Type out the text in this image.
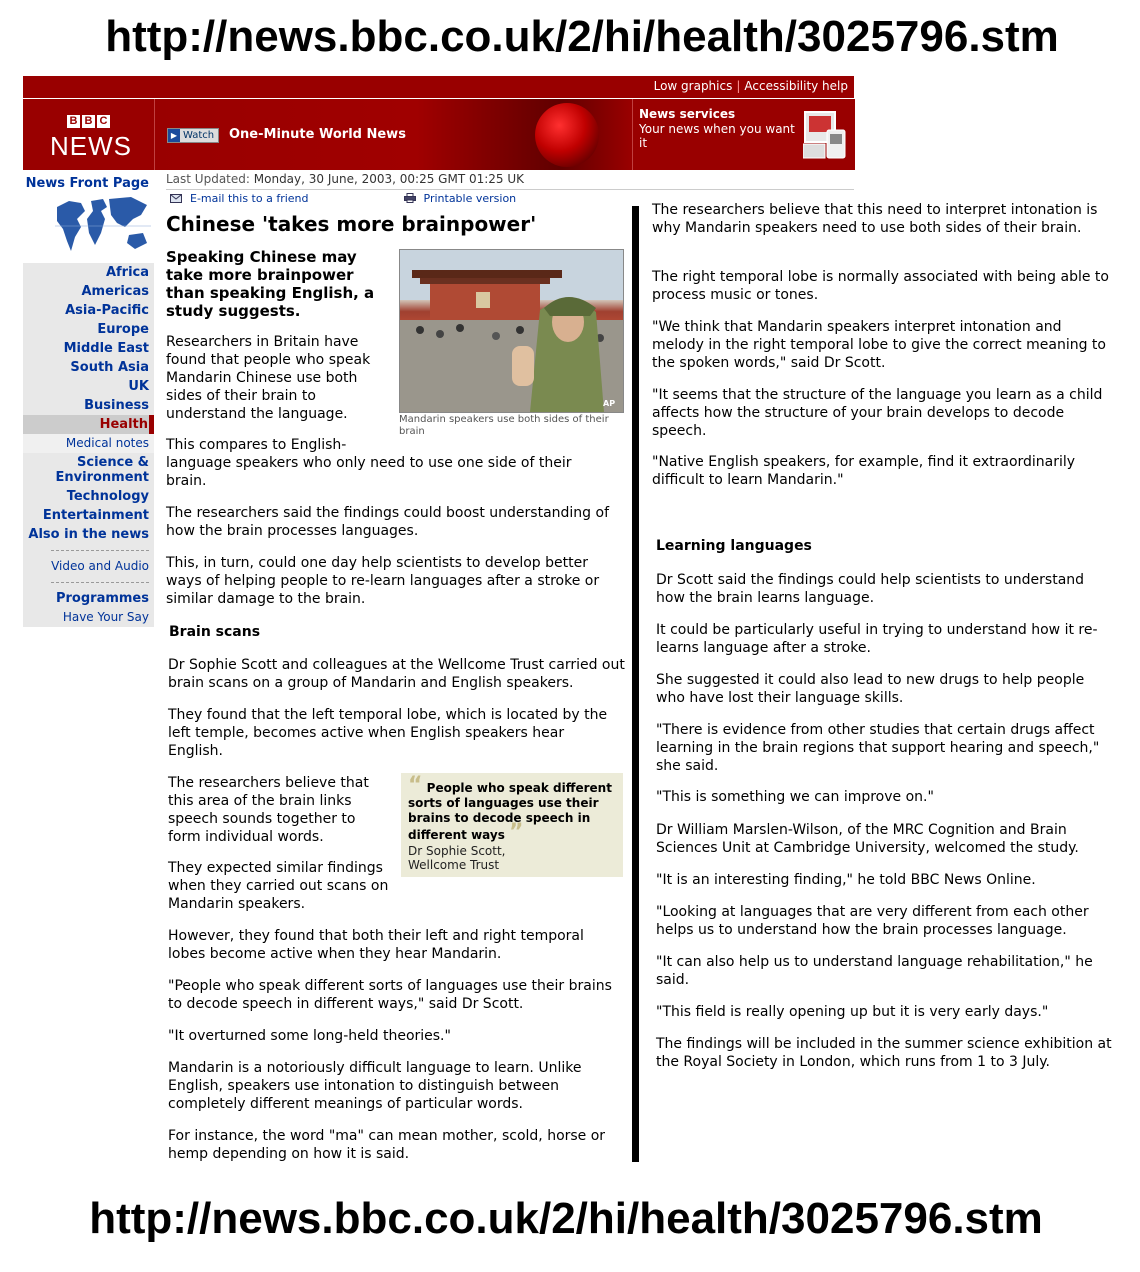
http://news.bbc.co.uk/2/hi/health/3025796.stm
Low graphics | Accessibility help
B B C
NEWS	▶ Watch One-Minute World News
News services
Your news when you want it
News Front Page
Africa
Americas
Asia-Pacific
Europe
Middle East
South Asia
UK
Business
Health
Medical notes
Science & Environment
Technology
Entertainment
Also in the news
Video and Audio
Programmes
Have Your Say
Last Updated: Monday, 30 June, 2003, 00:25 GMT 01:25 UK
E-mail this to a friend	Printable version
Chinese 'takes more brainpower'
Speaking Chinese may take more brainpower than speaking English, a study suggests.
AP
Mandarin speakers use both sides of their brain
Researchers in Britain have found that people who speak Mandarin Chinese use both sides of their brain to understand the language.
This compares to English-
language speakers who only need to use one side of their brain.
The researchers said the findings could boost understanding of how the brain processes languages.
This, in turn, could one day help scientists to develop better ways of helping people to re-learn languages after a stroke or similar damage to the brain.
Brain scans
Dr Sophie Scott and colleagues at the Wellcome Trust carried out brain scans on a group of Mandarin and English speakers.
They found that the left temporal lobe, which is located by the left temple, becomes active when English speakers hear English.
The researchers believe that this area of the brain links speech sounds together to form individual words.
They expected similar findings when they carried out scans on Mandarin speakers.
“ People who speak different sorts of languages use their brains to decode speech in different ways ”
Dr Sophie Scott,
Wellcome Trust
However, they found that both their left and right temporal lobes become active when they hear Mandarin.
"People who speak different sorts of languages use their brains to decode speech in different ways," said Dr Scott.
"It overturned some long-held theories."
Mandarin is a notoriously difficult language to learn. Unlike English, speakers use intonation to distinguish between completely different meanings of particular words.
For instance, the word "ma" can mean mother, scold, horse or hemp depending on how it is said.
The researchers believe that this need to interpret intonation is why Mandarin speakers need to use both sides of their brain.
The right temporal lobe is normally associated with being able to process music or tones.
"We think that Mandarin speakers interpret intonation and melody in the right temporal lobe to give the correct meaning to the spoken words," said Dr Scott.
"It seems that the structure of the language you learn as a child affects how the structure of your brain develops to decode speech.
"Native English speakers, for example, find it extraordinarily difficult to learn Mandarin."
Learning languages
Dr Scott said the findings could help scientists to understand how the brain learns language.
It could be particularly useful in trying to understand how it re-learns language after a stroke.
She suggested it could also lead to new drugs to help people who have lost their language skills.
"There is evidence from other studies that certain drugs affect learning in the brain regions that support hearing and speech," she said.
"This is something we can improve on."
Dr William Marslen-Wilson, of the MRC Cognition and Brain Sciences Unit at Cambridge University, welcomed the study.
"It is an interesting finding," he told BBC News Online.
"Looking at languages that are very different from each other helps us to understand how the brain processes language.
"It can also help us to understand language rehabilitation," he said.
"This field is really opening up but it is very early days."
The findings will be included in the summer science exhibition at the Royal Society in London, which runs from 1 to 3 July.
http://news.bbc.co.uk/2/hi/health/3025796.stm
